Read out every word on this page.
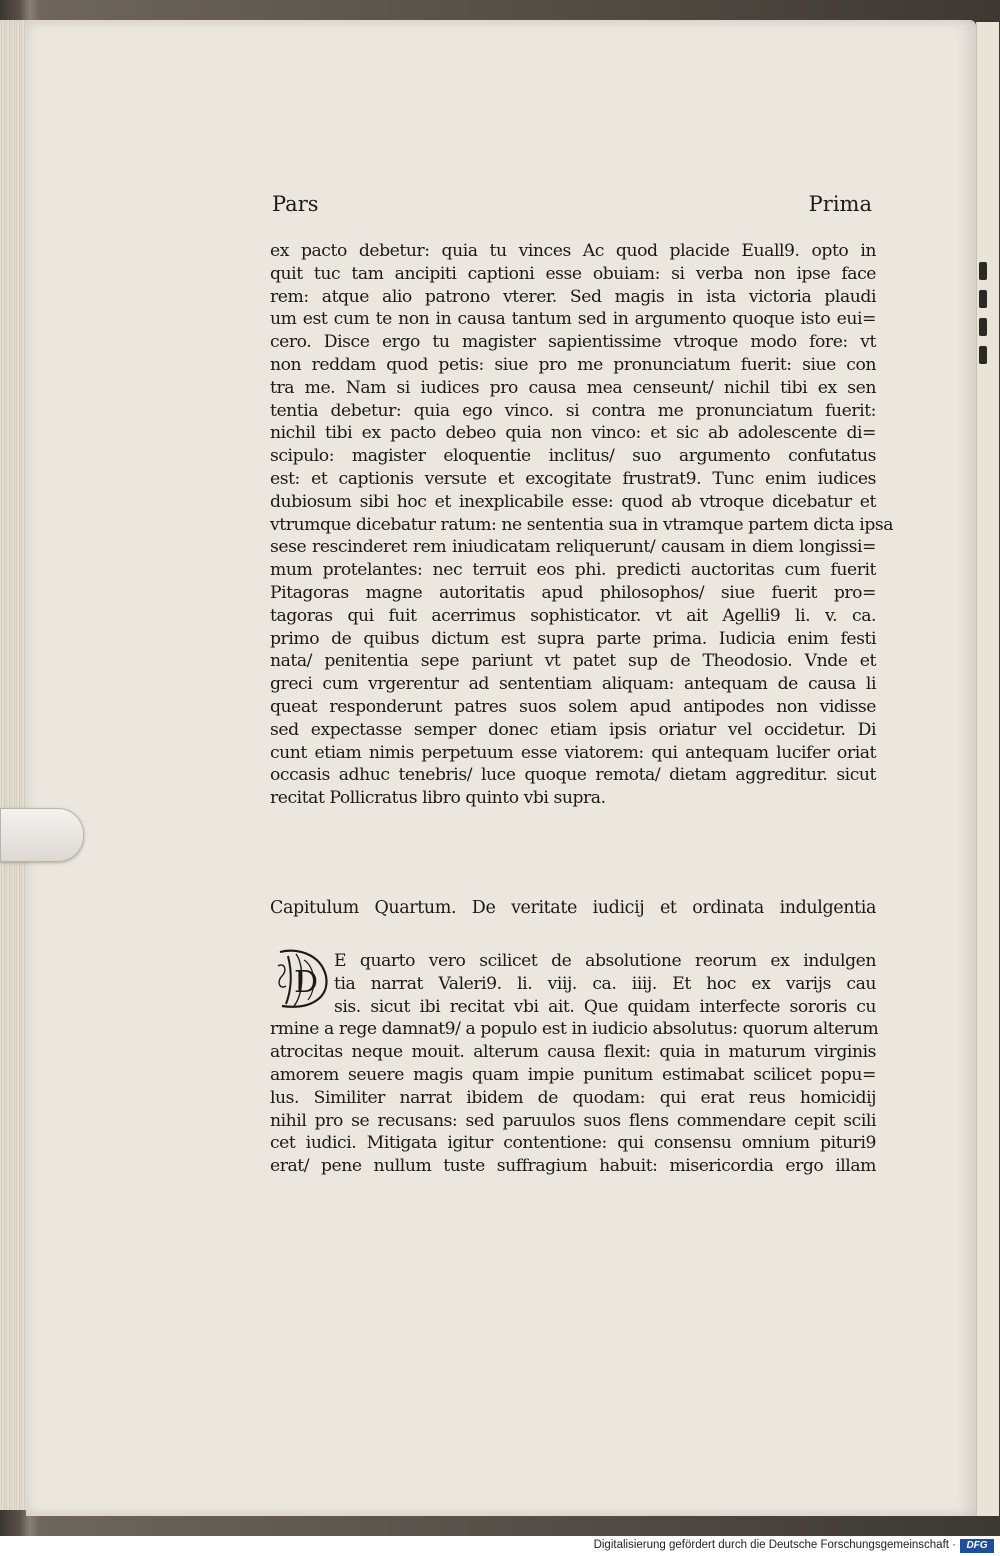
Pars	Prima
ex pacto debetur: quia tu vinces Ac quod placide Euall9. opto in
quit tuc tam ancipiti captioni esse obuiam: si verba non ipse face
rem: atque alio patrono vterer. Sed magis in ista victoria plaudi
um est cum te non in causa tantum sed in argumento quoque isto eui=
cero. Disce ergo tu magister sapientissime vtroque modo fore: vt
non reddam quod petis: siue pro me pronunciatum fuerit: siue con
tra me. Nam si iudices pro causa mea censeunt/ nichil tibi ex sen
tentia debetur: quia ego vinco. si contra me pronunciatum fuerit:
nichil tibi ex pacto debeo quia non vinco: et sic ab adolescente di=
scipulo: magister eloquentie inclitus/ suo argumento confutatus
est: et captionis versute et excogitate frustrat9. Tunc enim iudices
dubiosum sibi hoc et inexplicabile esse: quod ab vtroque dicebatur et
vtrumque dicebatur ratum: ne sententia sua in vtramque partem dicta ipsa
sese rescinderet rem iniudicatam reliquerunt/ causam in diem longissi=
mum protelantes: nec terruit eos phi. predicti auctoritas cum fuerit
Pitagoras magne autoritatis apud philosophos/ siue fuerit pro=
tagoras qui fuit acerrimus sophisticator. vt ait Agelli9 li. v. ca.
primo de quibus dictum est supra parte prima. Iudicia enim festi
nata/ penitentia sepe pariunt vt patet sup de Theodosio. Vnde et
greci cum vrgerentur ad sententiam aliquam: antequam de causa li
queat responderunt patres suos solem apud antipodes non vidisse
sed expectasse semper donec etiam ipsis oriatur vel occidetur. Di
cunt etiam nimis perpetuum esse viatorem: qui antequam lucifer oriat
occasis adhuc tenebris/ luce quoque remota/ dietam aggreditur. sicut
recitat Pollicratus libro quinto vbi supra.
Capitulum Quartum. De veritate iudicij et ordinata indulgentia
D
E quarto vero scilicet de absolutione reorum ex indulgen
tia narrat Valeri9. li. viij. ca. iiij. Et hoc ex varijs cau
sis. sicut ibi recitat vbi ait. Que quidam interfecte sororis cu
rmine a rege damnat9/ a populo est in iudicio absolutus: quorum alterum
atrocitas neque mouit. alterum causa flexit: quia in maturum virginis
amorem seuere magis quam impie punitum estimabat scilicet popu=
lus. Similiter narrat ibidem de quodam: qui erat reus homicidij
nihil pro se recusans: sed paruulos suos flens commendare cepit scili
cet iudici. Mitigata igitur contentione: qui consensu omnium pituri9
erat/ pene nullum tuste suffragium habuit: misericordia ergo illam
Digitalisierung gefördert durch die Deutsche Forschungsgemeinschaft ·	DFG
